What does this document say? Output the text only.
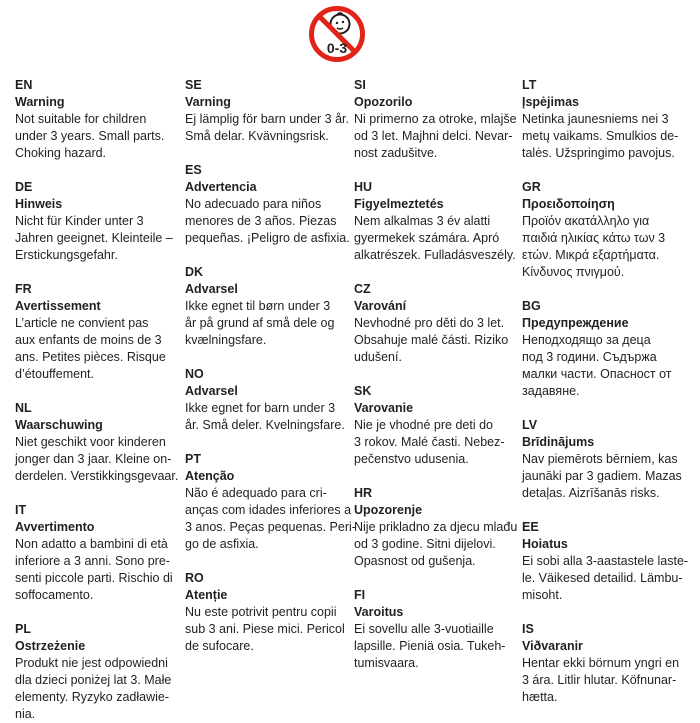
0-3
EN
Warning
Not suitable for children
under 3 years. Small parts.
Choking hazard.
DE
Hinweis
Nicht für Kinder unter 3
Jahren geeignet. Kleinteile –
Erstickungsgefahr.
FR
Avertissement
L’article ne convient pas
aux enfants de moins de 3
ans. Petites pièces. Risque
d’étouffement.
NL
Waarschuwing
Niet geschikt voor kinderen
jonger dan 3 jaar. Kleine on-
derdelen. Verstikkingsgevaar.
IT
Avvertimento
Non adatto a bambini di età
inferiore a 3 anni. Sono pre-
senti piccole parti. Rischio di
soffocamento.
PL
Ostrzeżenie
Produkt nie jest odpowiedni
dla dzieci poniżej lat 3. Małe
elementy. Ryzyko zadławie-
nia.
SE
Varning
Ej lämplig för barn under 3 år.
Små delar. Kvävningsrisk.
ES
Advertencia
No adecuado para niños
menores de 3 años. Piezas
pequeñas. ¡Peligro de asfixia.
DK
Advarsel
Ikke egnet til børn under 3
år på grund af små dele og
kvælningsfare.
NO
Advarsel
Ikke egnet for barn under 3
år. Små deler. Kvelningsfare.
PT
Atenção
Não é adequado para cri-
anças com idades inferiores a
3 anos. Peças pequenas. Peri-
go de asfixia.
RO
Atenție
Nu este potrivit pentru copii
sub 3 ani. Piese mici. Pericol
de sufocare.
SI
Opozorilo
Ni primerno za otroke, mlajše
od 3 let. Majhni delci. Nevar-
nost zadušitve.
HU
Figyelmeztetés
Nem alkalmas 3 év alatti
gyermekek számára. Apró
alkatrészek. Fulladásveszély.
CZ
Varování
Nevhodné pro děti do 3 let.
Obsahuje malé části. Riziko
udušení.
SK
Varovanie
Nie je vhodné pre deti do
3 rokov. Malé časti. Nebez-
pečenstvo udusenia.
HR
Upozorenje
Nije prikladno za djecu mlađu
od 3 godine. Sitni dijelovi.
Opasnost od gušenja.
FI
Varoitus
Ei sovellu alle 3-vuotiaille
lapsille. Pieniä osia. Tukeh-
tumisvaara.
LT
Įspėjimas
Netinka jaunesniems nei 3
metų vaikams. Smulkios de-
talės. Užspringimo pavojus.
GR
Προειδοποίηση
Προϊόν ακατάλληλο για
παιδιά ηλικίας κάτω των 3
ετών. Μικρά εξαρτήματα.
Κίνδυνος πνιγμού.
BG
Предупреждение
Неподходящо за деца
под 3 години. Съдържа
малки части. Опасност от
задавяне.
LV
Brīdinājums
Nav piemērots bērniem, kas
jaunāki par 3 gadiem. Mazas
detaļas. Aizrīšanās risks.
EE
Hoiatus
Ei sobi alla 3-aastastele laste-
le. Väikesed detailid. Lämbu-
misoht.
IS
Viðvaranir
Hentar ekki börnum yngri en
3 ára. Litlir hlutar. Köfnunar-
hætta.
